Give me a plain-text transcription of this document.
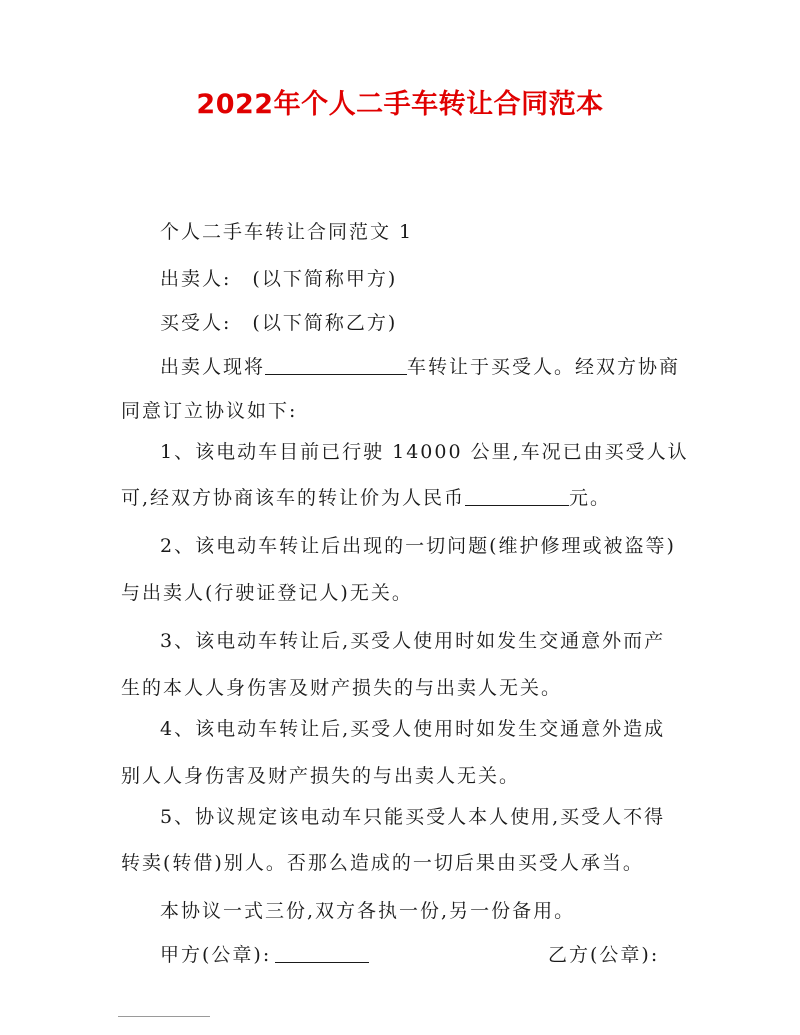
2022年个人二手车转让合同范本
个人二手车转让合同范文 1
出卖人:　(以下简称甲方)
买受人:　(以下简称乙方)
出卖人现将	车转让于买受人。经双方协商
同意订立协议如下:
1、该电动车目前已行驶 14000 公里,车况已由买受人认
可,经双方协商该车的转让价为人民币	元。
2、该电动车转让后出现的一切问题(维护修理或被盗等)
与出卖人(行驶证登记人)无关。
3、该电动车转让后,买受人使用时如发生交通意外而产
生的本人人身伤害及财产损失的与出卖人无关。
4、该电动车转让后,买受人使用时如发生交通意外造成
别人人身伤害及财产损失的与出卖人无关。
5、协议规定该电动车只能买受人本人使用,买受人不得
转卖(转借)别人。否那么造成的一切后果由买受人承当。
本协议一式三份,双方各执一份,另一份备用。
甲方(公章):	乙方(公章):
